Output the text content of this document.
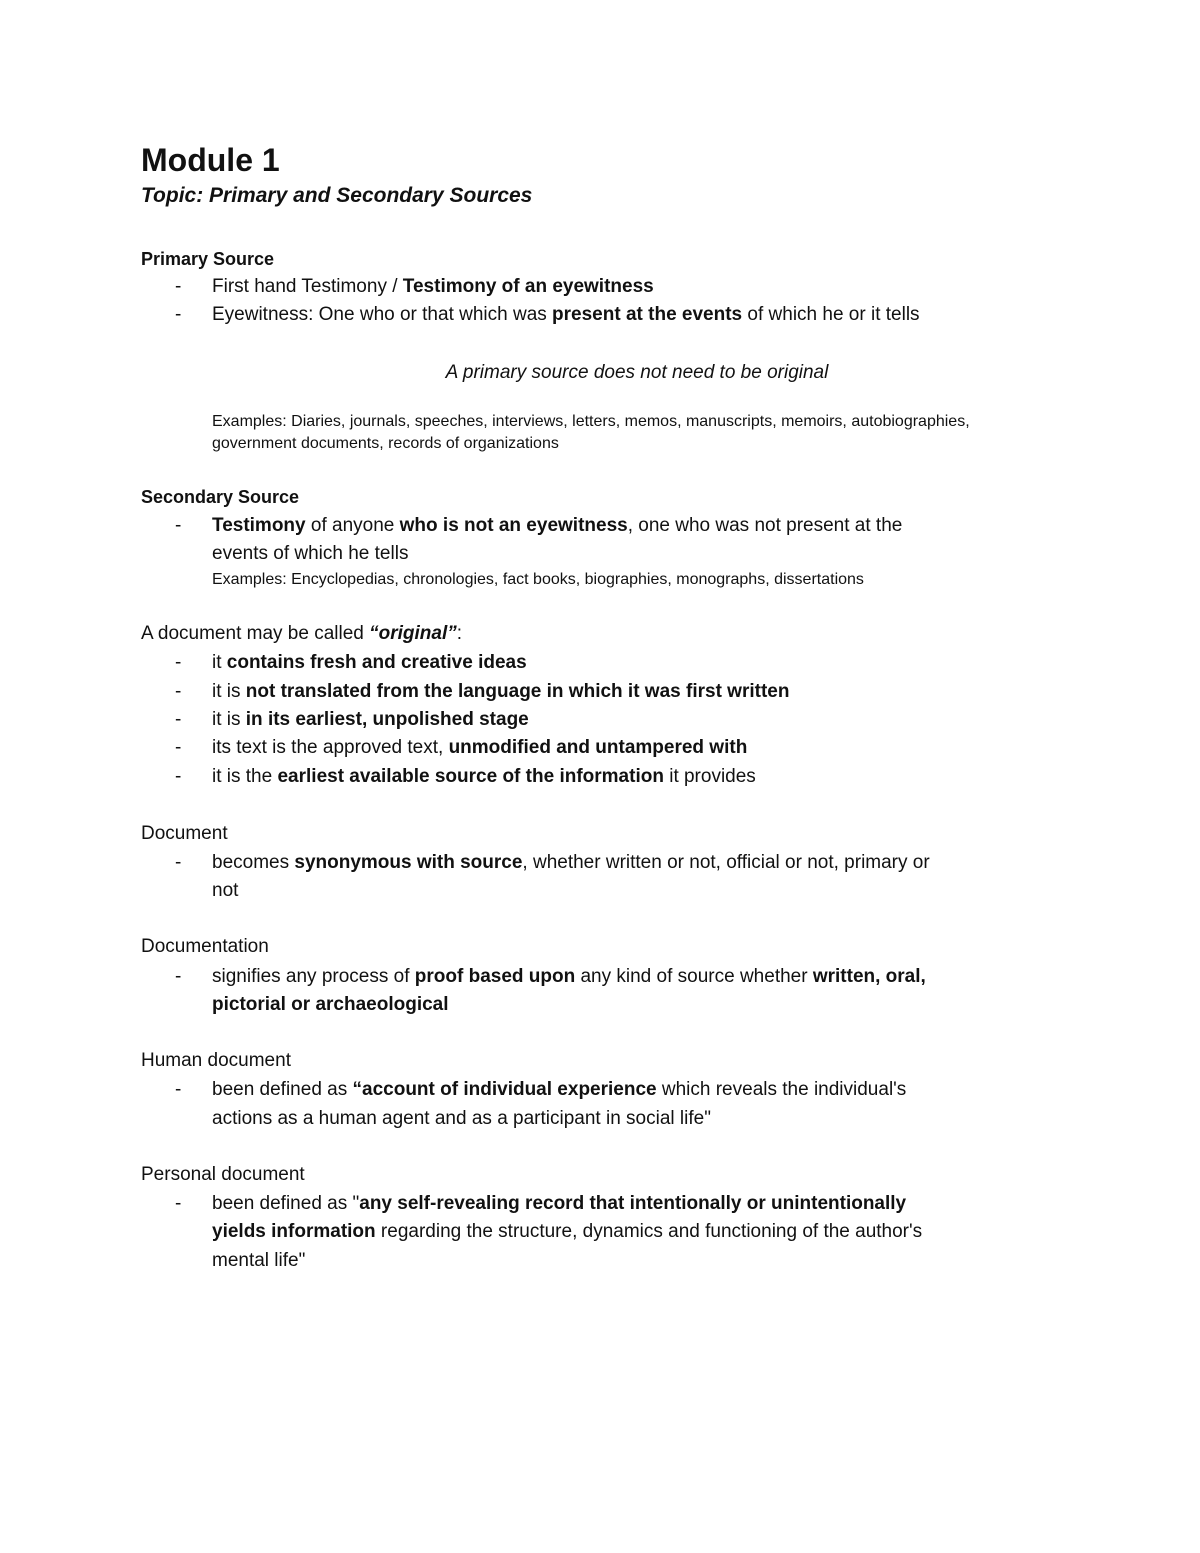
Module 1
Topic: Primary and Secondary Sources
Primary Source
-	First hand Testimony / Testimony of an eyewitness
-	Eyewitness: One who or that which was present at the events of which he or it tells
A primary source does not need to be original
Examples: Diaries, journals, speeches, interviews, letters, memos, manuscripts, memoirs, autobiographies,
government documents, records of organizations
Secondary Source
-	Testimony of anyone who is not an eyewitness, one who was not present at the
events of which he tells
Examples: Encyclopedias, chronologies, fact books, biographies, monographs, dissertations
A document may be called “original”:
-	it contains fresh and creative ideas
-	it is not translated from the language in which it was first written
-	it is in its earliest, unpolished stage
-	its text is the approved text, unmodified and untampered with
-	it is the earliest available source of the information it provides
Document
-	becomes synonymous with source, whether written or not, official or not, primary or
not
Documentation
-	signifies any process of proof based upon any kind of source whether written, oral,
pictorial or archaeological
Human document
-	been defined as “account of individual experience which reveals the individual's
actions as a human agent and as a participant in social life"
Personal document
-	been defined as "any self-revealing record that intentionally or unintentionally
yields information regarding the structure, dynamics and functioning of the author's
mental life"
